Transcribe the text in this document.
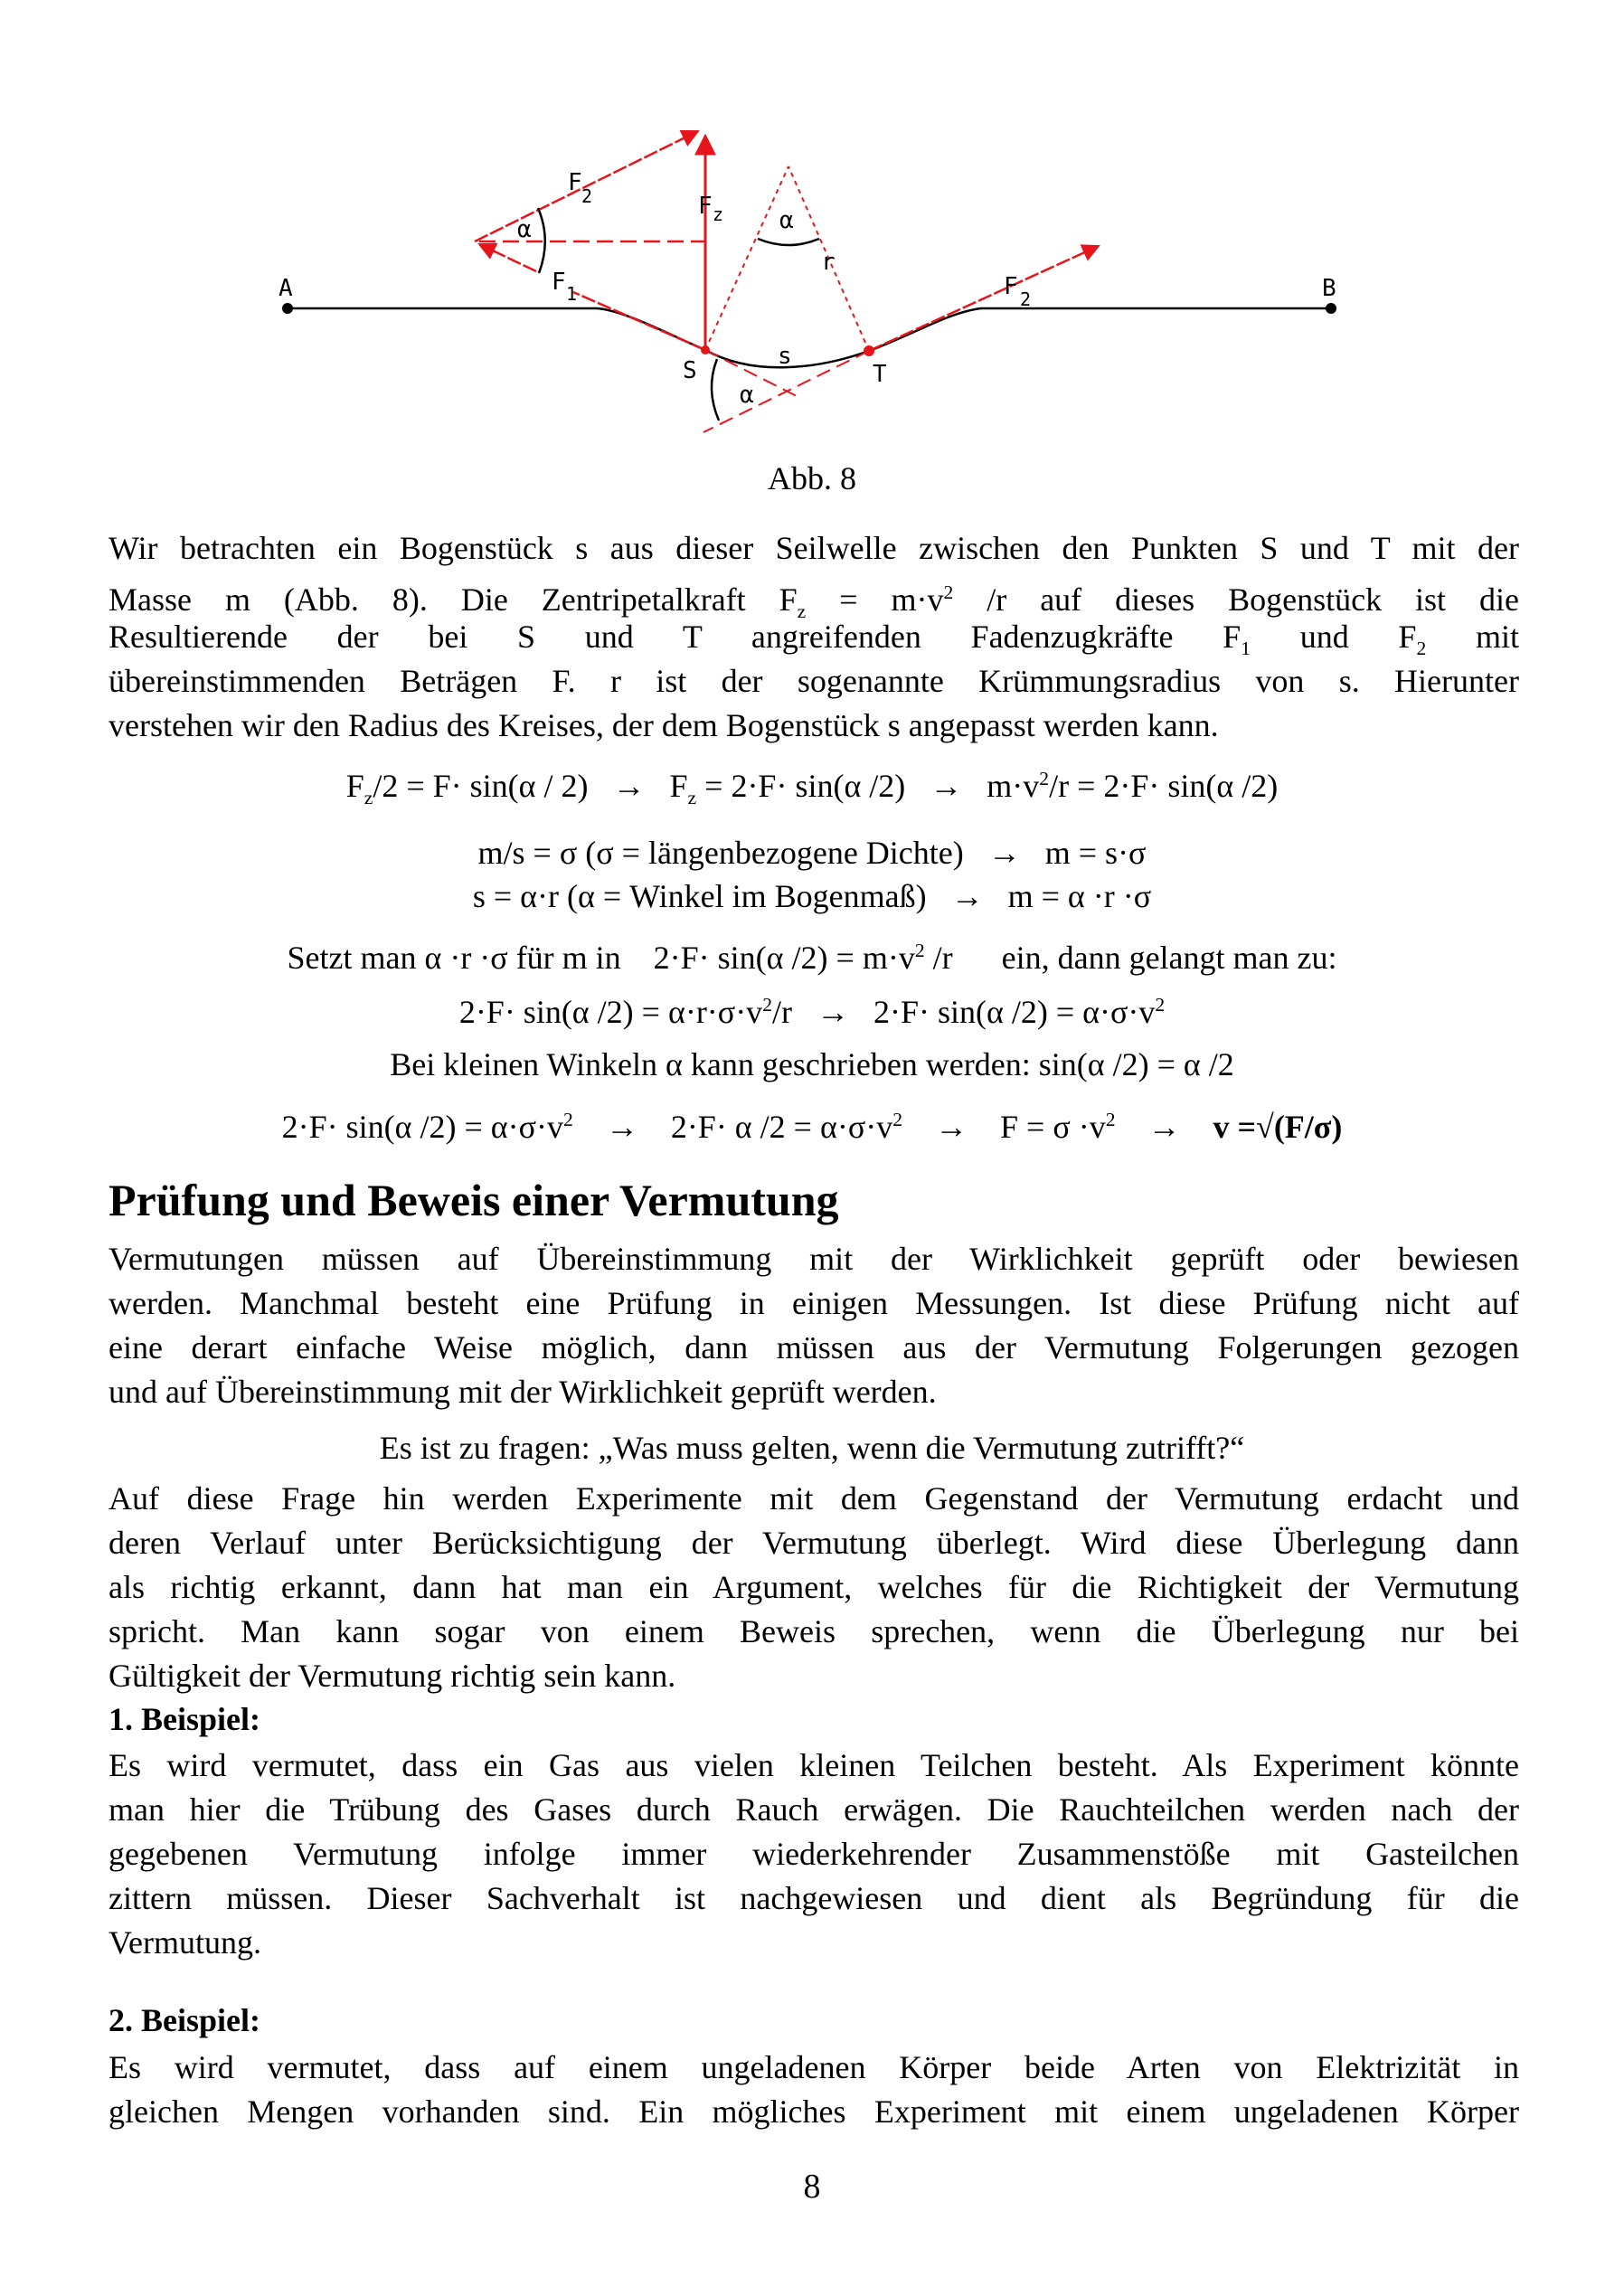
A	B
S	T
s
r
α	α
α
F 2	F z
F 1	F 2
Abb. 8
Wir betrachten ein Bogenstück s aus dieser Seilwelle zwischen den Punkten S und T mit der
Masse m (Abb. 8). Die Zentripetalkraft $F_z = m\cdot v^2$ /r auf dieses Bogenstück ist die
Resultierende der bei S und T angreifenden Fadenzugkräfte $F_1$ und $F_2$ mit
übereinstimmenden Beträgen F. r ist der sogenannte Krümmungsradius von s. Hierunter
verstehen wir den Radius des Kreises, der dem Bogenstück s angepasst werden kann.
$F_z/2 = F\cdot \sin(\alpha / 2) \to F_z = 2\cdot F\cdot \sin(\alpha$ $/2) \to m\cdot v^2/r = 2\cdot F\cdot \sin(\alpha$ /2)
m/s = σ (σ = längenbezogene Dichte)   →   m = s·σ
s = α·r (α = Winkel im Bogenmaß)   →   m = α ·r ·σ
Setzt man α ·r ·σ für m in    2·F· sin(α $/2) = m\cdot v^2$ /r      ein, dann gelangt man zu:
2·F· sin(α $/2) = \alpha\cdot r\cdot\sigma\cdot v^2/r \to 2\cdot F\cdot \sin(\alpha$ $/2) = \alpha\cdot\sigma\cdot v^2$
Bei kleinen Winkeln α kann geschrieben werden: sin(α /2) = α /2
2·F· sin(α $/2) = \alpha\cdot\sigma\cdot v^2$    →    2·F· α $/2 = \alpha\cdot\sigma\cdot v^2$    →    $F = \sigma \cdot v^2$    →    v =√(F/σ)
Prüfung und Beweis einer Vermutung
Vermutungen müssen auf Übereinstimmung mit der Wirklichkeit geprüft oder bewiesen
werden. Manchmal besteht eine Prüfung in einigen Messungen. Ist diese Prüfung nicht auf
eine derart einfache Weise möglich, dann müssen aus der Vermutung Folgerungen gezogen
und auf Übereinstimmung mit der Wirklichkeit geprüft werden.
Es ist zu fragen: „Was muss gelten, wenn die Vermutung zutrifft?“
Auf diese Frage hin werden Experimente mit dem Gegenstand der Vermutung erdacht und
deren Verlauf unter Berücksichtigung der Vermutung überlegt. Wird diese Überlegung dann
als richtig erkannt, dann hat man ein Argument, welches für die Richtigkeit der Vermutung
spricht. Man kann sogar von einem Beweis sprechen, wenn die Überlegung nur bei
Gültigkeit der Vermutung richtig sein kann.
1. Beispiel:
Es wird vermutet, dass ein Gas aus vielen kleinen Teilchen besteht. Als Experiment könnte
man hier die Trübung des Gases durch Rauch erwägen. Die Rauchteilchen werden nach der
gegebenen Vermutung infolge immer wiederkehrender Zusammenstöße mit Gasteilchen
zittern müssen. Dieser Sachverhalt ist nachgewiesen und dient als Begründung für die
Vermutung.
2. Beispiel:
Es wird vermutet, dass auf einem ungeladenen Körper beide Arten von Elektrizität in
gleichen Mengen vorhanden sind. Ein mögliches Experiment mit einem ungeladenen Körper
8
